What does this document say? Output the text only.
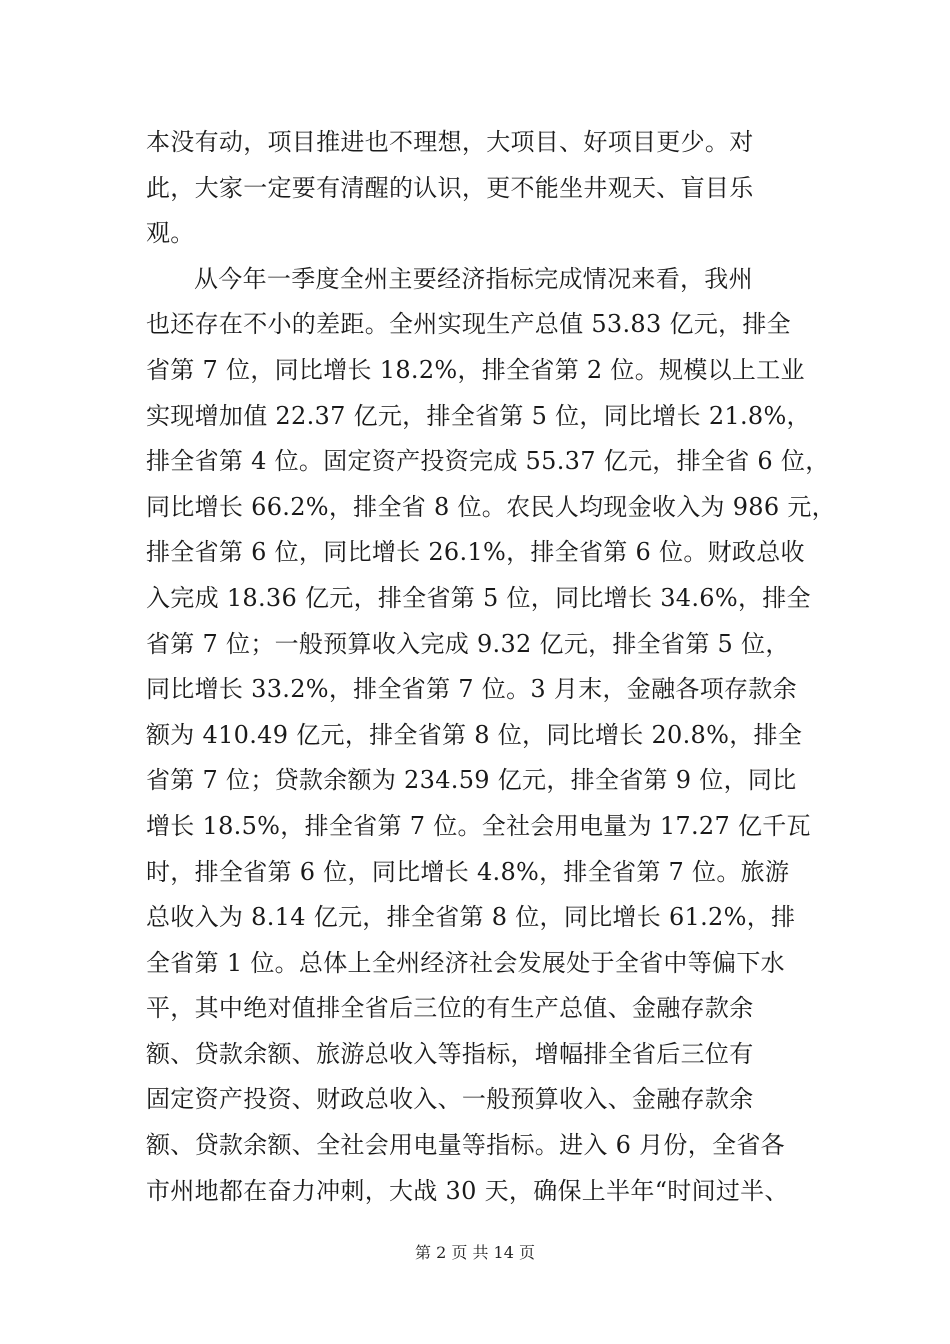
本没有动，项目推进也不理想，大项目、好项目更少。对
此，大家一定要有清醒的认识，更不能坐井观天、盲目乐
观。
从今年一季度全州主要经济指标完成情况来看，我州
也还存在不小的差距。全州实现生产总值 53.83 亿元，排全
省第 7 位，同比增长 18.2%，排全省第 2 位。规模以上工业
实现增加值 22.37 亿元，排全省第 5 位，同比增长 21.8%，
排全省第 4 位。固定资产投资完成 55.37 亿元，排全省 6 位，
同比增长 66.2%，排全省 8 位。农民人均现金收入为 986 元，
排全省第 6 位，同比增长 26.1%，排全省第 6 位。财政总收
入完成 18.36 亿元，排全省第 5 位，同比增长 34.6%，排全
省第 7 位；一般预算收入完成 9.32 亿元，排全省第 5 位，
同比增长 33.2%，排全省第 7 位。3 月末，金融各项存款余
额为 410.49 亿元，排全省第 8 位，同比增长 20.8%，排全
省第 7 位；贷款余额为 234.59 亿元，排全省第 9 位，同比
增长 18.5%，排全省第 7 位。全社会用电量为 17.27 亿千瓦
时，排全省第 6 位，同比增长 4.8%，排全省第 7 位。旅游
总收入为 8.14 亿元，排全省第 8 位，同比增长 61.2%，排
全省第 1 位。总体上全州经济社会发展处于全省中等偏下水
平，其中绝对值排全省后三位的有生产总值、金融存款余
额、贷款余额、旅游总收入等指标，增幅排全省后三位有
固定资产投资、财政总收入、一般预算收入、金融存款余
额、贷款余额、全社会用电量等指标。进入 6 月份，全省各
市州地都在奋力冲刺，大战 30 天，确保上半年“时间过半、
第 2 页 共 14 页
